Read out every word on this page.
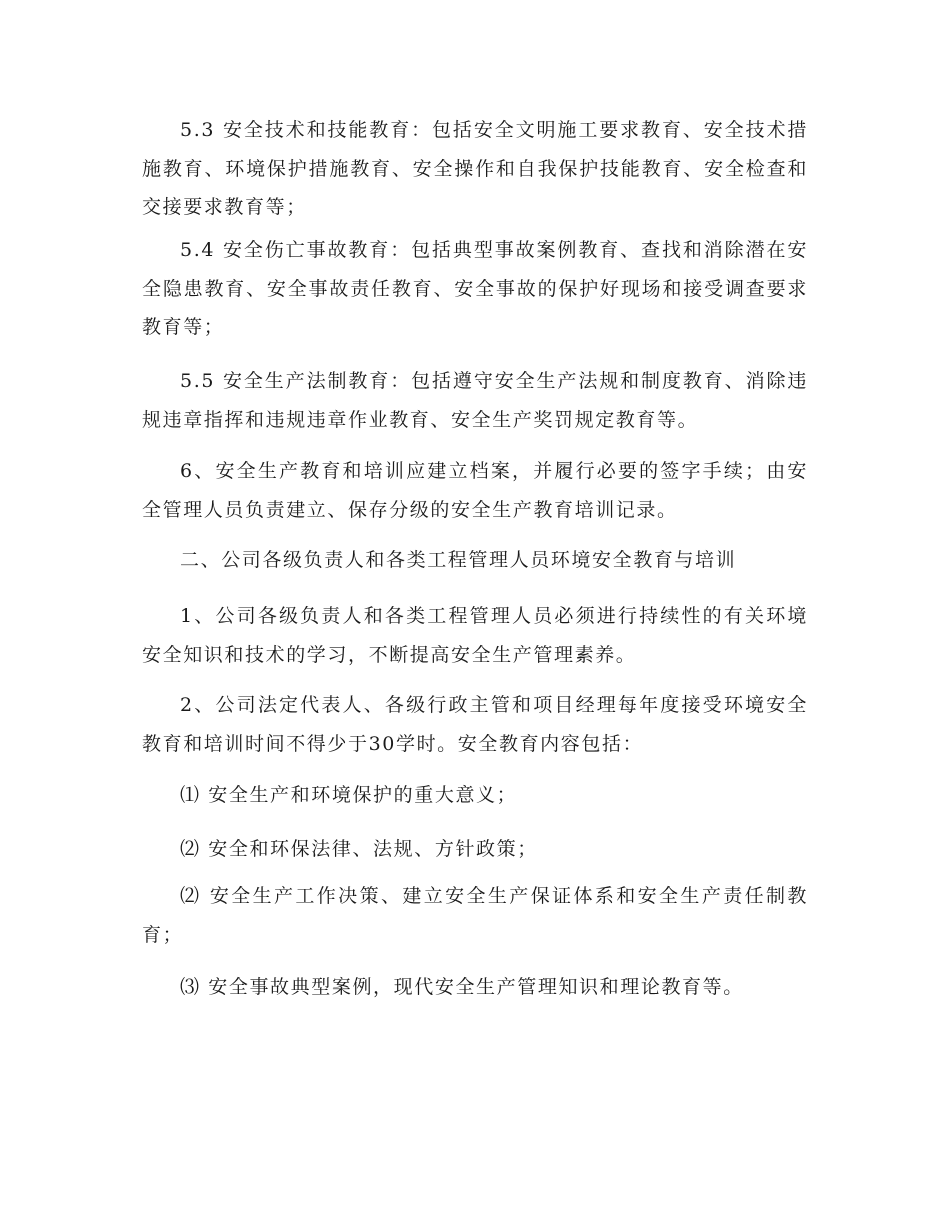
5.3 安全技术和技能教育：包括安全文明施工要求教育、安全技术措施教育、环境保护措施教育、安全操作和自我保护技能教育、安全检查和交接要求教育等；

5.4 安全伤亡事故教育：包括典型事故案例教育、查找和消除潜在安全隐患教育、安全事故责任教育、安全事故的保护好现场和接受调查要求教育等；

5.5 安全生产法制教育：包括遵守安全生产法规和制度教育、消除违规违章指挥和违规违章作业教育、安全生产奖罚规定教育等。

6、安全生产教育和培训应建立档案，并履行必要的签字手续；由安全管理人员负责建立、保存分级的安全生产教育培训记录。

二、公司各级负责人和各类工程管理人员环境安全教育与培训

1、公司各级负责人和各类工程管理人员必须进行持续性的有关环境安全知识和技术的学习，不断提高安全生产管理素养。

2、公司法定代表人、各级行政主管和项目经理每年度接受环境安全教育和培训时间不得少于30学时。安全教育内容包括：

⑴ 安全生产和环境保护的重大意义；

⑵ 安全和环保法律、法规、方针政策；

⑵ 安全生产工作决策、建立安全生产保证体系和安全生产责任制教育；

⑶ 安全事故典型案例，现代安全生产管理知识和理论教育等。
